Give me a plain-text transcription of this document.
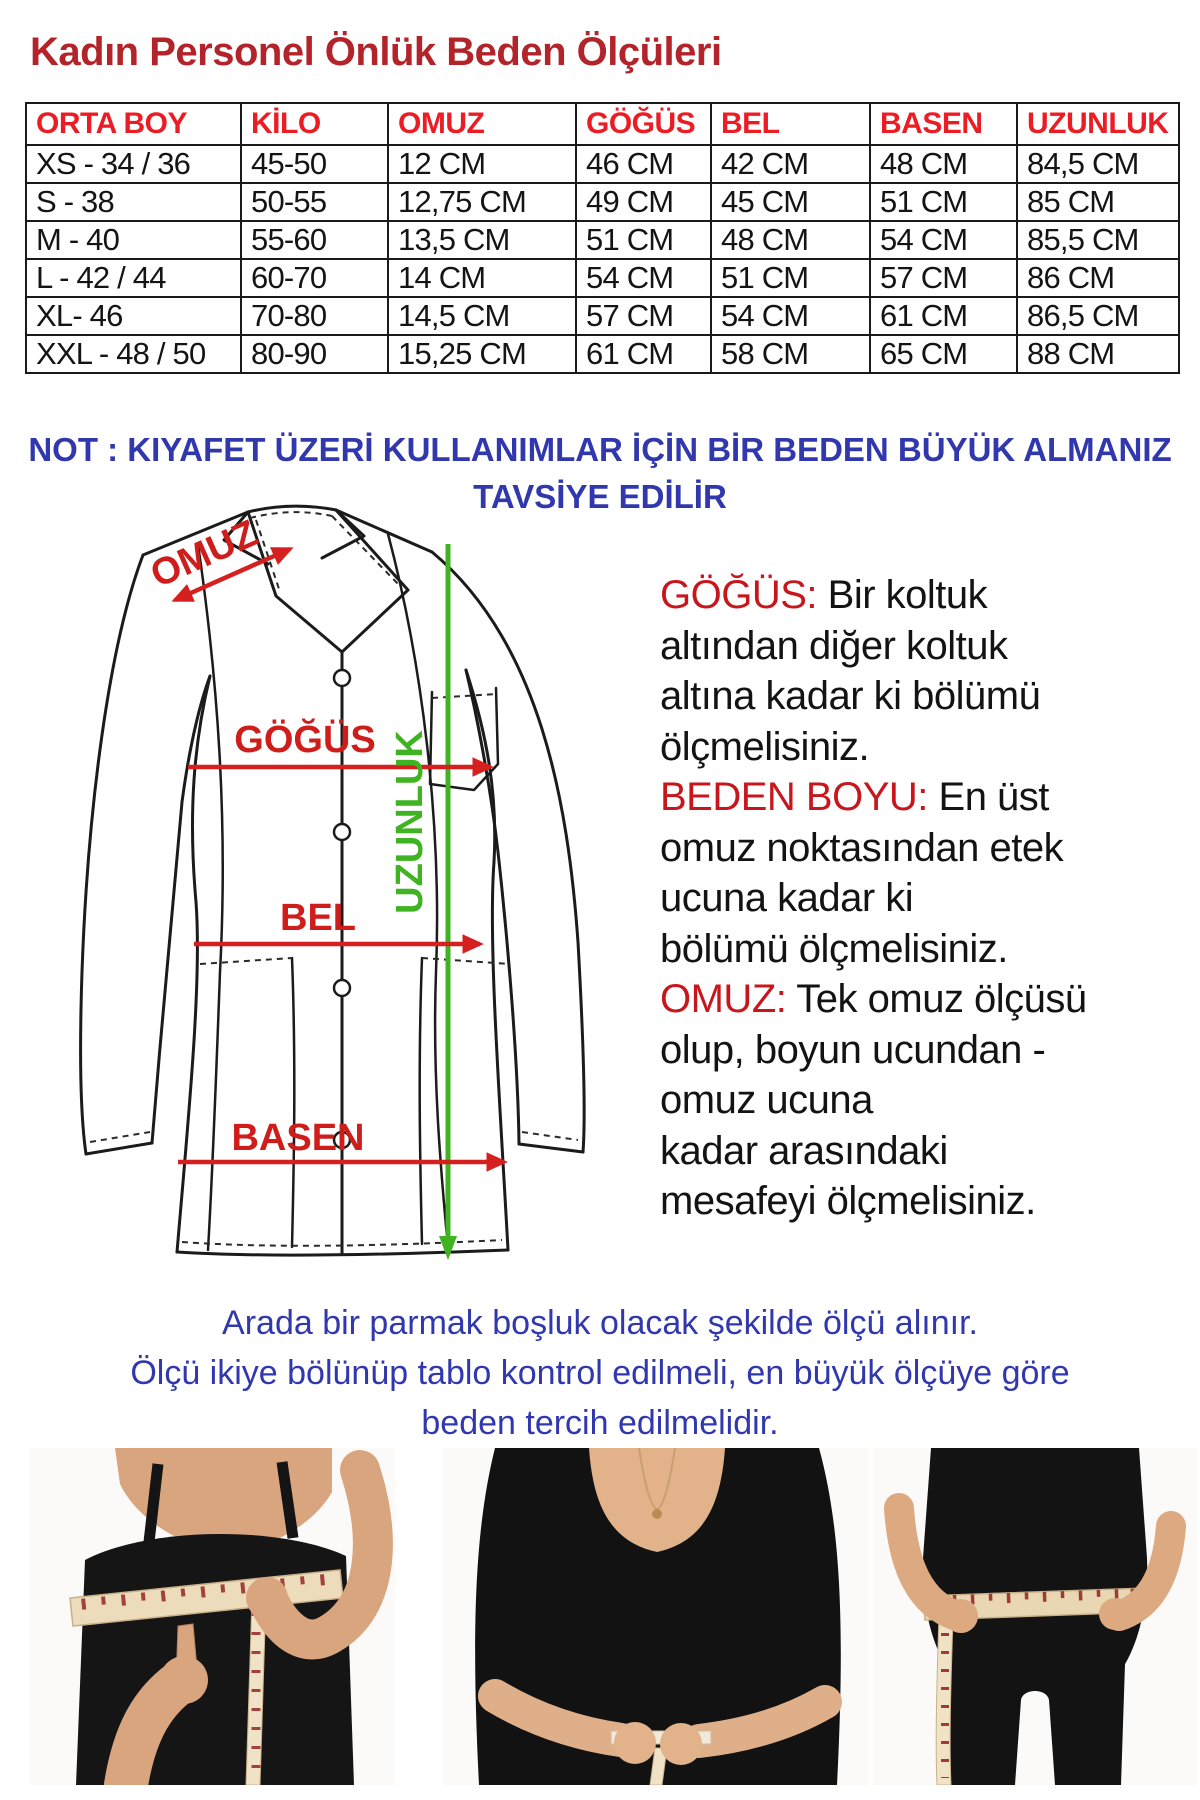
Kadın Personel Önlük Beden Ölçüleri
ORTA BOY	KİLO	OMUZ	GÖĞÜS	BEL	BASEN	UZUNLUK
XS - 34 / 36	45-50	12 CM	46 CM	42 CM	48 CM	84,5 CM
S - 38	50-55	12,75 CM	49 CM	45 CM	51 CM	85 CM
M - 40	55-60	13,5 CM	51 CM	48 CM	54 CM	85,5 CM
L - 42 / 44	60-70	14 CM	54 CM	51 CM	57 CM	86 CM
XL- 46	70-80	14,5 CM	57 CM	54 CM	61 CM	86,5 CM
XXL - 48 / 50	80-90	15,25 CM	61 CM	58 CM	65 CM	88 CM
NOT : KIYAFET ÜZERİ KULLANIMLAR İÇİN BİR BEDEN BÜYÜK ALMANIZ
TAVSİYE EDİLİR
OMUZ
GÖĞÜS
BEL
BASEN
UZUNLUK
GÖĞÜS: Bir koltuk
altından diğer koltuk
altına kadar ki bölümü
ölçmelisiniz.
BEDEN BOYU: En üst
omuz noktasından etek
ucuna kadar ki
bölümü ölçmelisiniz.
OMUZ: Tek omuz ölçüsü
olup, boyun ucundan -
omuz ucuna
kadar arasındaki
mesafeyi ölçmelisiniz.
Arada bir parmak boşluk olacak şekilde ölçü alınır.
Ölçü ikiye bölünüp tablo kontrol edilmeli, en büyük ölçüye göre
beden tercih edilmelidir.
